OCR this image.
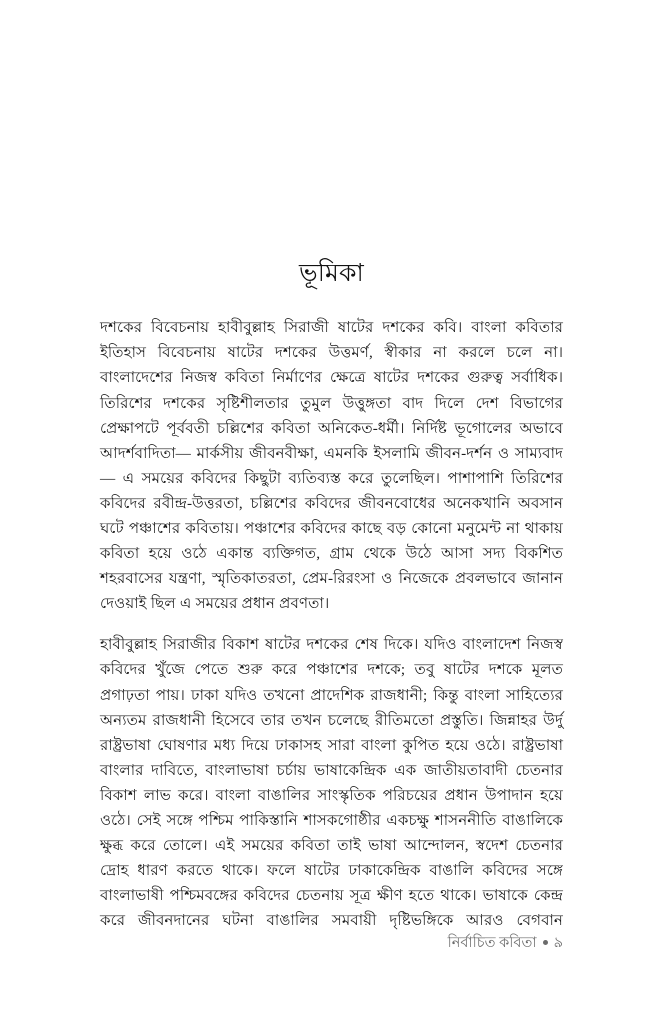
ভূমিকা

দশকের বিবেচনায় হাবীবুল্লাহ সিরাজী ষাটের দশকের কবি। বাংলা কবিতার ইতিহাস বিবেচনায় ষাটের দশকের উত্তমর্ণ, স্বীকার না করলে চলে না। বাংলাদেশের নিজস্ব কবিতা নির্মাণের ক্ষেত্রে ষাটের দশকের গুরুত্ব সর্বাধিক। তিরিশের দশকের সৃষ্টিশীলতার তুমুল উত্তুঙ্গতা বাদ দিলে দেশ বিভাগের প্রেক্ষাপটে পূর্ববতী চল্লিশের কবিতা অনিকেত-ধর্মী। নির্দিষ্ট ভূগোলের অভাবে আদর্শবাদিতা— মার্কসীয় জীবনবীক্ষা, এমনকি ইসলামি জীবন-দর্শন ও সাম্যবাদ— এ সময়ের কবিদের কিছুটা ব্যতিব্যস্ত করে তুলেছিল। পাশাপাশি তিরিশের কবিদের রবীন্দ্র-উত্তরতা, চল্লিশের কবিদের জীবনবোধের অনেকখানি অবসান ঘটে পঞ্চাশের কবিতায়। পঞ্চাশের কবিদের কাছে বড় কোনো মনুমেন্ট না থাকায় কবিতা হয়ে ওঠে একান্ত ব্যক্তিগত, গ্রাম থেকে উঠে আসা সদ্য বিকশিত শহরবাসের যন্ত্রণা, স্মৃতিকাতরতা, প্রেম-রিরংসা ও নিজেকে প্রবলভাবে জানান দেওয়াই ছিল এ সময়ের প্রধান প্রবণতা।

হাবীবুল্লাহ সিরাজীর বিকাশ ষাটের দশকের শেষ দিকে। যদিও বাংলাদেশ নিজস্ব কবিদের খুঁজে পেতে শুরু করে পঞ্চাশের দশকে; তবু ষাটের দশকে মূলত প্রগাঢ়তা পায়। ঢাকা যদিও তখনো প্রাদেশিক রাজধানী; কিন্তু বাংলা সাহিত্যের অন্যতম রাজধানী হিসেবে তার তখন চলেছে রীতিমতো প্রস্তুতি। জিন্নাহর উর্দু রাষ্ট্রভাষা ঘোষণার মধ্য দিয়ে ঢাকাসহ সারা বাংলা কুপিত হয়ে ওঠে। রাষ্ট্রভাষা বাংলার দাবিতে, বাংলাভাষা চর্চায় ভাষাকেন্দ্রিক এক জাতীয়তাবাদী চেতনার বিকাশ লাভ করে। বাংলা বাঙালির সাংস্কৃতিক পরিচয়ের প্রধান উপাদান হয়ে ওঠে। সেই সঙ্গে পশ্চিম পাকিস্তানি শাসকগোষ্ঠীর একচক্ষু শাসননীতি বাঙালিকে ক্ষুব্ধ করে তোলে। এই সময়ের কবিতা তাই ভাষা আন্দোলন, স্বদেশ চেতনার দ্রোহ ধারণ করতে থাকে। ফলে ষাটের ঢাকাকেন্দ্রিক বাঙালি কবিদের সঙ্গে বাংলাভাষী পশ্চিমবঙ্গের কবিদের চেতনায় সূত্র ক্ষীণ হতে থাকে। ভাষাকে কেন্দ্র করে জীবনদানের ঘটনা বাঙালির সমবায়ী দৃষ্টিভঙ্গিকে আরও বেগবান

নির্বাচিত কবিতা ৯
